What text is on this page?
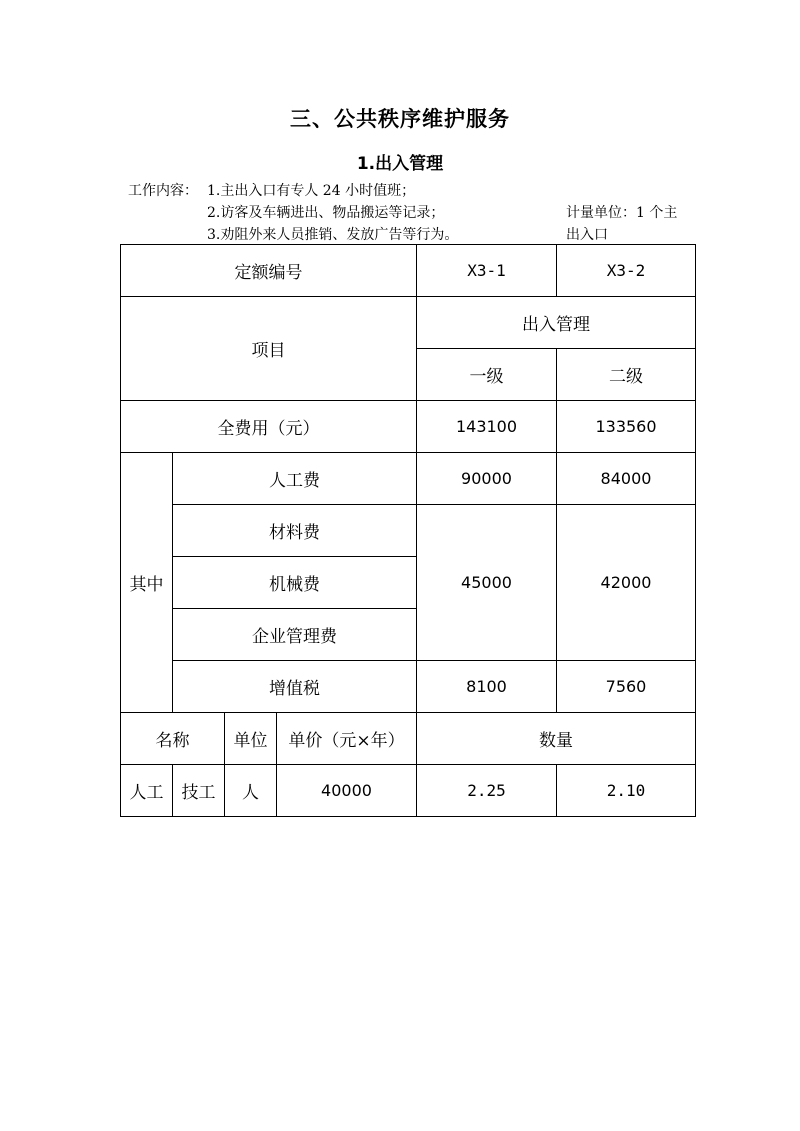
三、公共秩序维护服务
1.出入管理
工作内容： 1.主出入口有专人 24 小时值班；
2.访客及车辆进出、物品搬运等记录；
3.劝阻外来人员推销、发放广告等行为。
计量单位：1 个主
出入口
定额编号				X3-1	X3-2
项目				出入管理	
				一级	二级
全费用（元）				143100	133560
其中	人工费			90000	84000
	材料费			45000	42000
	机械费				
	企业管理费				
	增值税			8100	7560
名称		单位	单价（元×年）	数量	
人工	技工	人	40000	2.25	2.10
